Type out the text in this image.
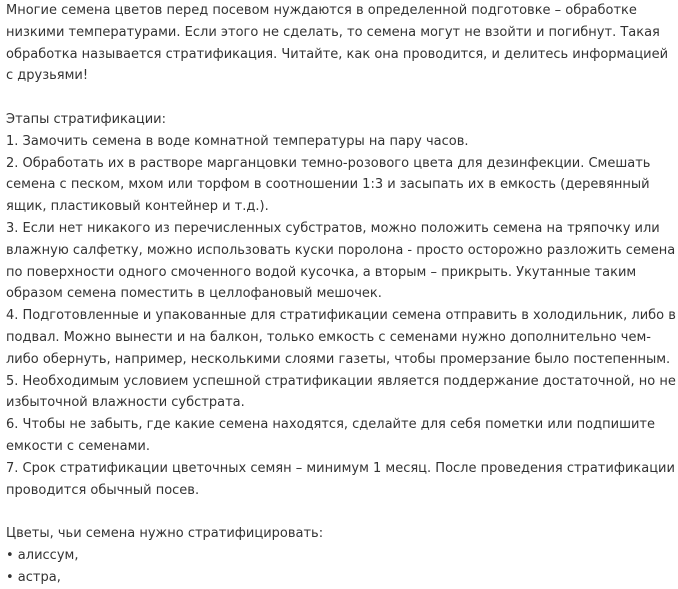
Многие семена цветов перед посевом нуждаются в определенной подготовке – обработке низкими температурами. Если этого не сделать, то семена могут не взойти и погибнут. Такая обработка называется стратификация. Читайте, как она проводится, и делитесь информацией с друзьями!

Этапы стратификации:

1. Замочить семена в воде комнатной температуры на пару часов.

2. Обработать их в растворе марганцовки темно-розового цвета для дезинфекции. Смешать семена с песком, мхом или торфом в соотношении 1:3 и засыпать их в емкость (деревянный ящик, пластиковый контейнер и т.д.).

3. Если нет никакого из перечисленных субстратов, можно положить семена на тряпочку или влажную салфетку, можно использовать куски поролона - просто осторожно разложить семена по поверхности одного смоченного водой кусочка, а вторым – прикрыть. Укутанные таким образом семена поместить в целлофановый мешочек.

4. Подготовленные и упакованные для стратификации семена отправить в холодильник, либо в подвал. Можно вынести и на балкон, только емкость с семенами нужно дополнительно чем-либо обернуть, например, несколькими слоями газеты, чтобы промерзание было постепенным.

5. Необходимым условием успешной стратификации является поддержание достаточной, но не избыточной влажности субстрата.

6. Чтобы не забыть, где какие семена находятся, сделайте для себя пометки или подпишите емкости с семенами.

7. Срок стратификации цветочных семян – минимум 1 месяц. После проведения стратификации проводится обычный посев.

Цветы, чьи семена нужно стратифицировать:

• алиссум,

• астра,
